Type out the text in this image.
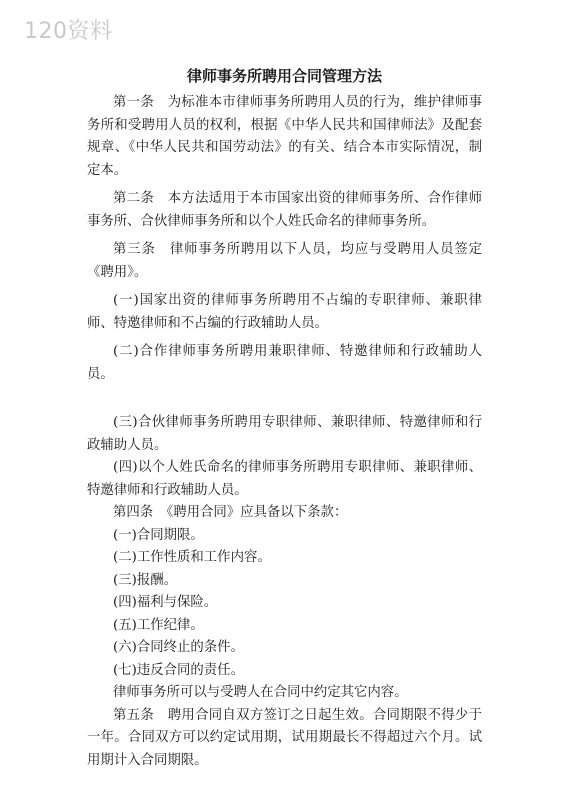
120资料
律师事务所聘用合同管理方法

第一条　为标准本市律师事务所聘用人员的行为，维护律师事务所和受聘用人员的权利，根据《中华人民共和国律师法》及配套规章、《中华人民共和国劳动法》的有关、结合本市实际情况，制定本。

第二条　本方法适用于本市国家出资的律师事务所、合作律师事务所、合伙律师事务所和以个人姓氏命名的律师事务所。

第三条　律师事务所聘用以下人员，均应与受聘用人员签定《聘用》。

(一)国家出资的律师事务所聘用不占编的专职律师、兼职律师、特邀律师和不占编的行政辅助人员。

(二)合作律师事务所聘用兼职律师、特邀律师和行政辅助人员。

(三)合伙律师事务所聘用专职律师、兼职律师、特邀律师和行政辅助人员。

(四)以个人姓氏命名的律师事务所聘用专职律师、兼职律师、特邀律师和行政辅助人员。

第四条　《聘用合同》应具备以下条款：

(一)合同期限。

(二)工作性质和工作内容。

(三)报酬。

(四)福利与保险。

(五)工作纪律。

(六)合同终止的条件。

(七)违反合同的责任。

律师事务所可以与受聘人在合同中约定其它内容。

第五条　聘用合同自双方签订之日起生效。合同期限不得少于一年。合同双方可以约定试用期，试用期最长不得超过六个月。试用期计入合同期限。
